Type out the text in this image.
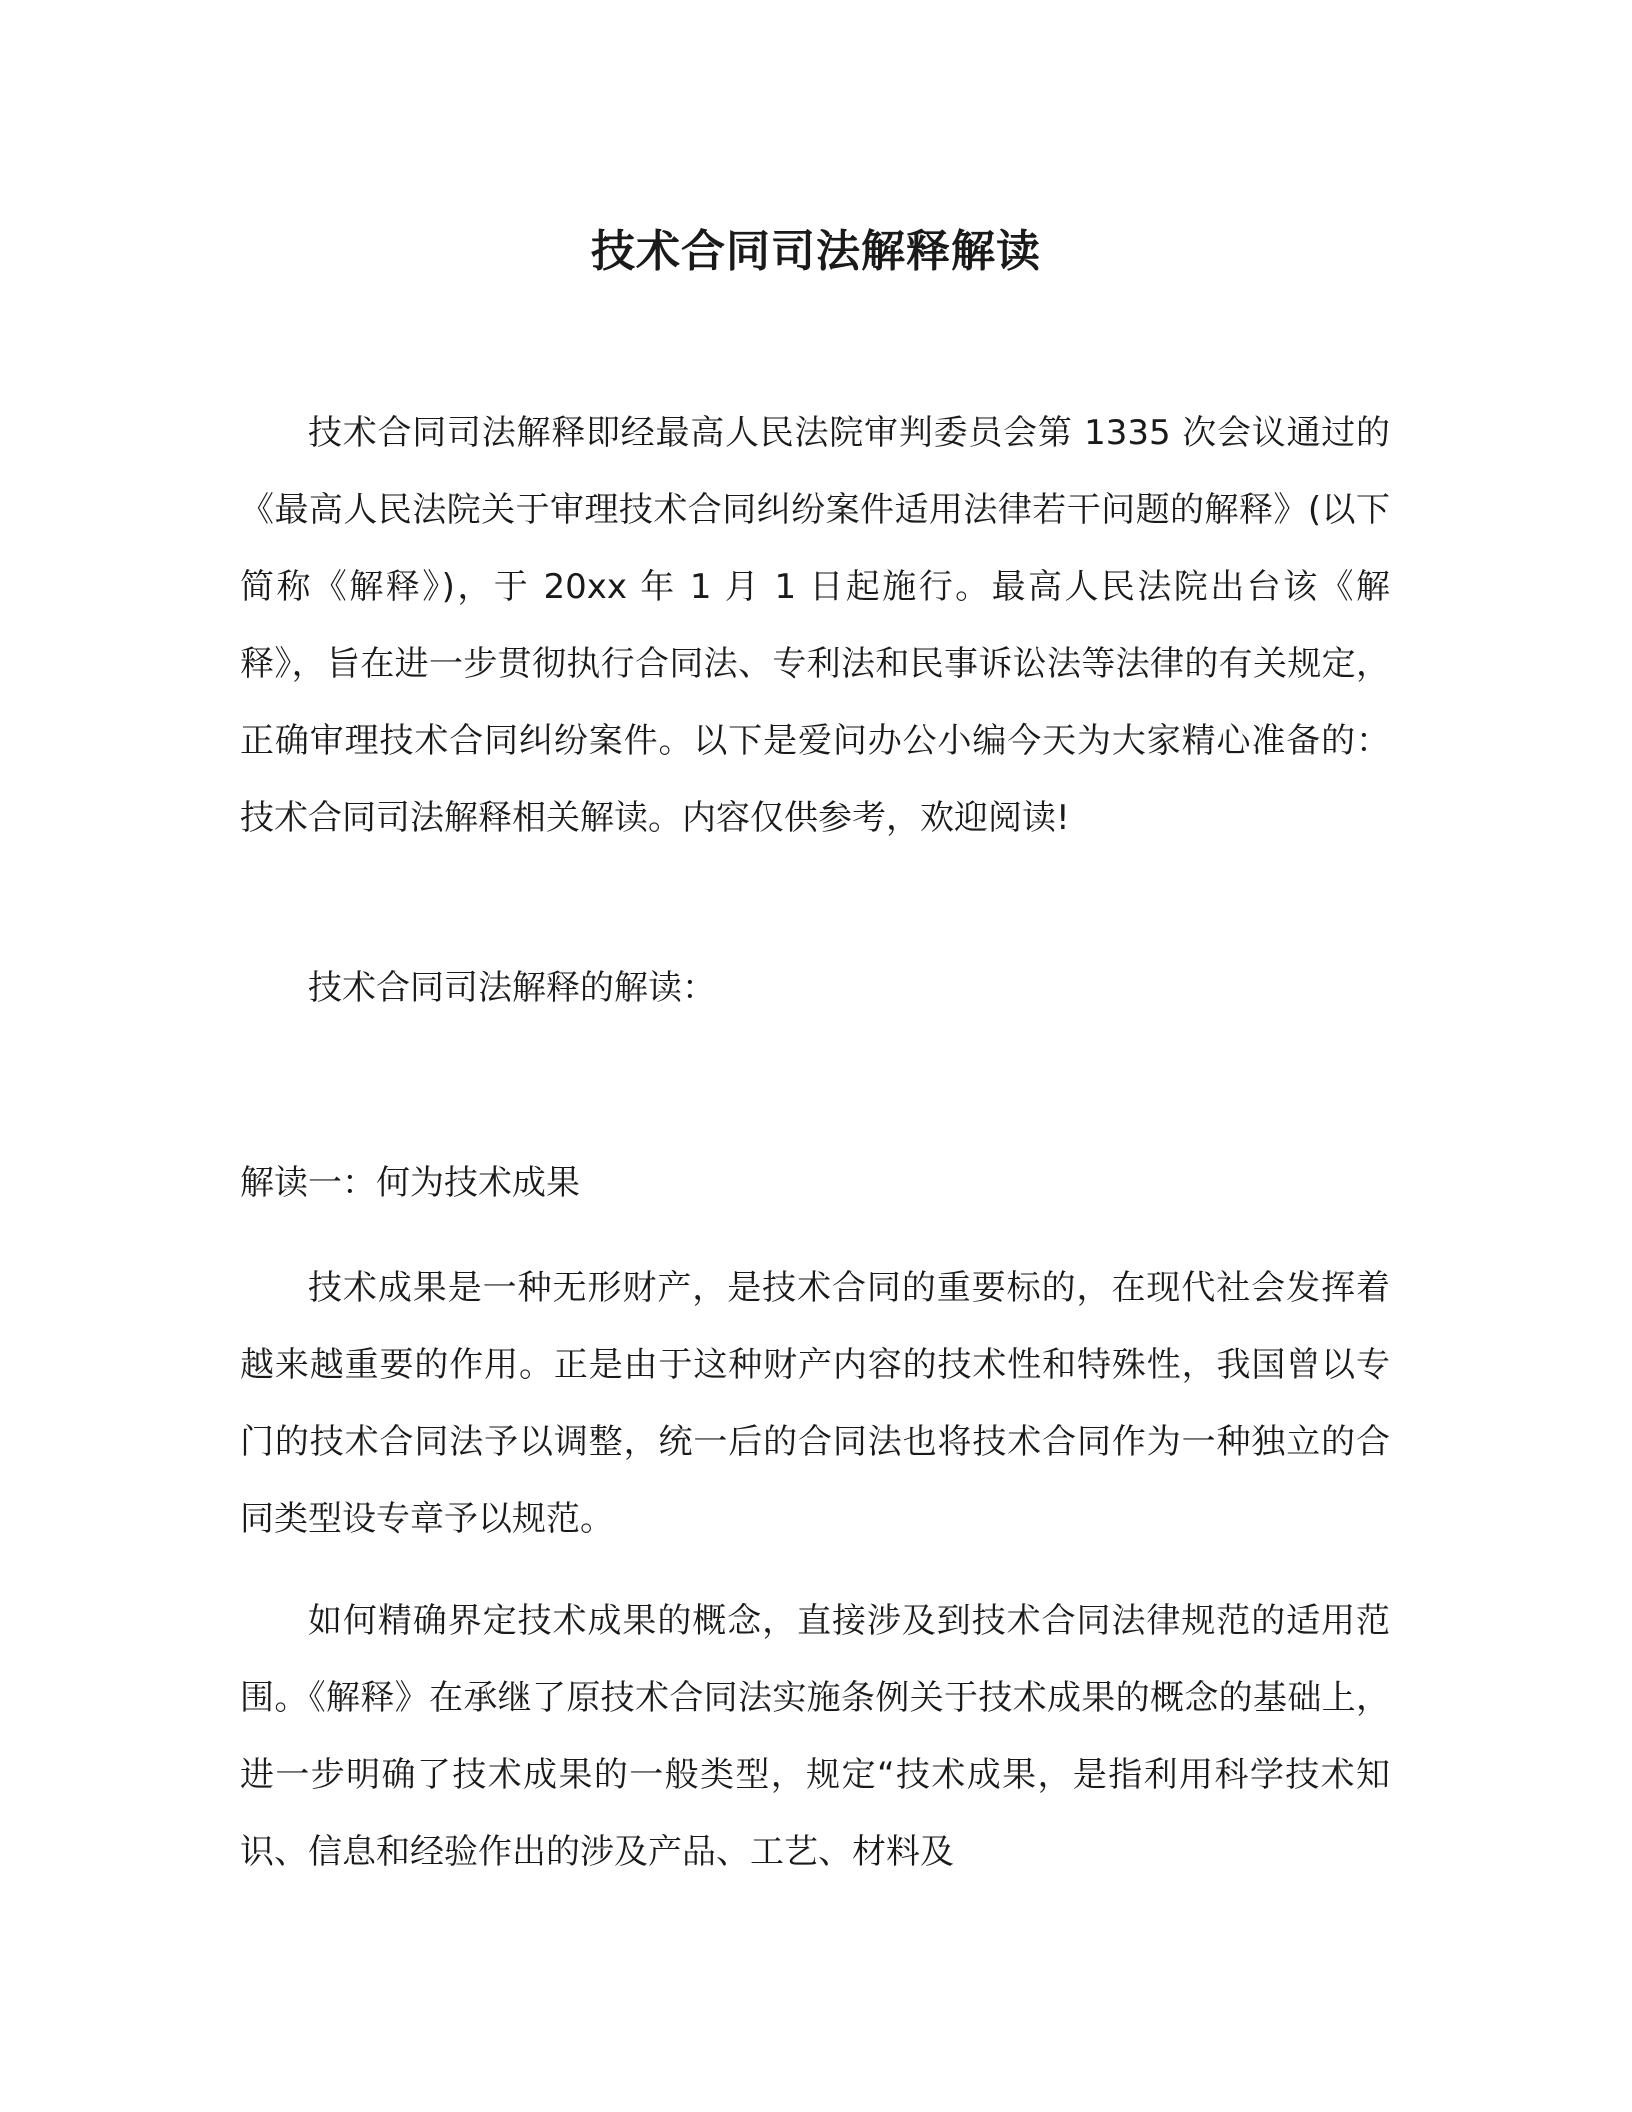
技术合同司法解释解读

技术合同司法解释即经最高人民法院审判委员会第 1335 次会议通过的《最高人民法院关于审理技术合同纠纷案件适用法律若干问题的解释》(以下简称《解释》)，于 20xx 年 1 月 1 日起施行。最高人民法院出台该《解释》，旨在进一步贯彻执行合同法、专利法和民事诉讼法等法律的有关规定，正确审理技术合同纠纷案件。以下是爱问办公小编今天为大家精心准备的：技术合同司法解释相关解读。内容仅供参考，欢迎阅读!

技术合同司法解释的解读：

解读一：何为技术成果

技术成果是一种无形财产，是技术合同的重要标的，在现代社会发挥着越来越重要的作用。正是由于这种财产内容的技术性和特殊性，我国曾以专门的技术合同法予以调整，统一后的合同法也将技术合同作为一种独立的合同类型设专章予以规范。

如何精确界定技术成果的概念，直接涉及到技术合同法律规范的适用范围。《解释》在承继了原技术合同法实施条例关于技术成果的概念的基础上，进一步明确了技术成果的一般类型，规定“技术成果，是指利用科学技术知识、信息和经验作出的涉及产品、工艺、材料及
